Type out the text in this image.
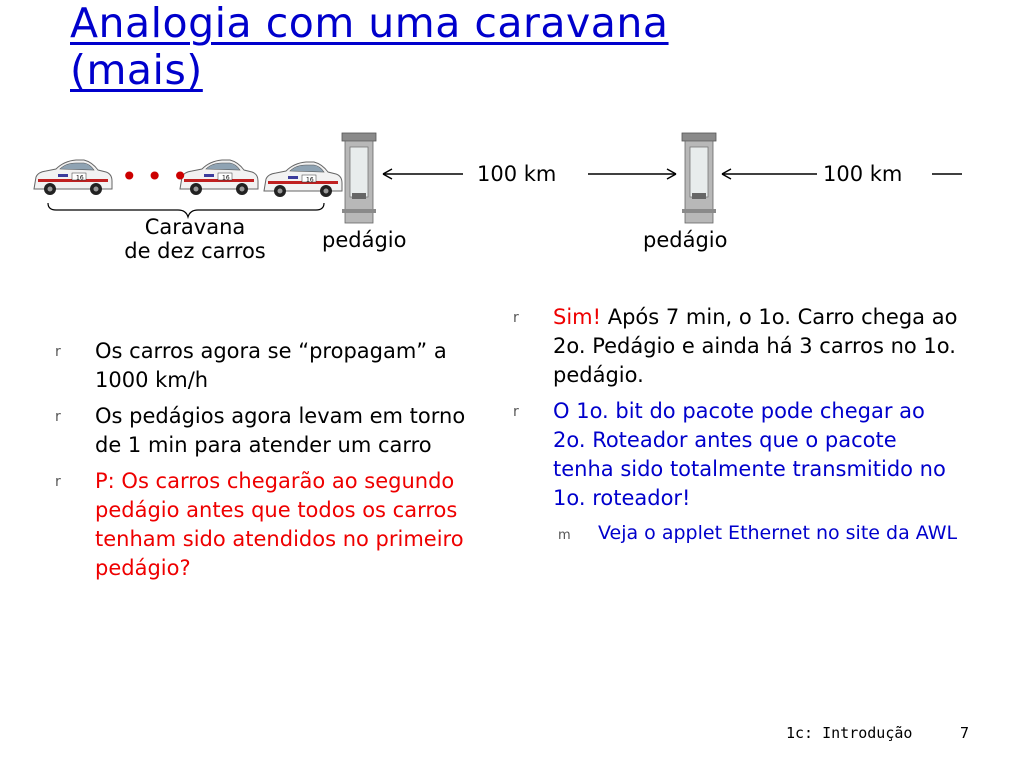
Analogia com uma caravana
(mais)
16
• • •	100 km	100 km
Caravana
de dez carros	pedágio	pedágio
r Os carros agora se “propagam” a 1000 km/h
r Os pedágios agora levam em torno de 1 min para atender um carro
r P: Os carros chegarão ao segundo pedágio antes que todos os carros tenham sido atendidos no primeiro pedágio?
r Sim! Após 7 min, o 1o. Carro chega ao 2o. Pedágio e ainda há 3 carros no 1o. pedágio.
r O 1o. bit do pacote pode chegar ao 2o. Roteador antes que o pacote tenha sido totalmente transmitido no 1o. roteador!
m Veja o applet Ethernet no site da AWL
1c: Introdução	7
